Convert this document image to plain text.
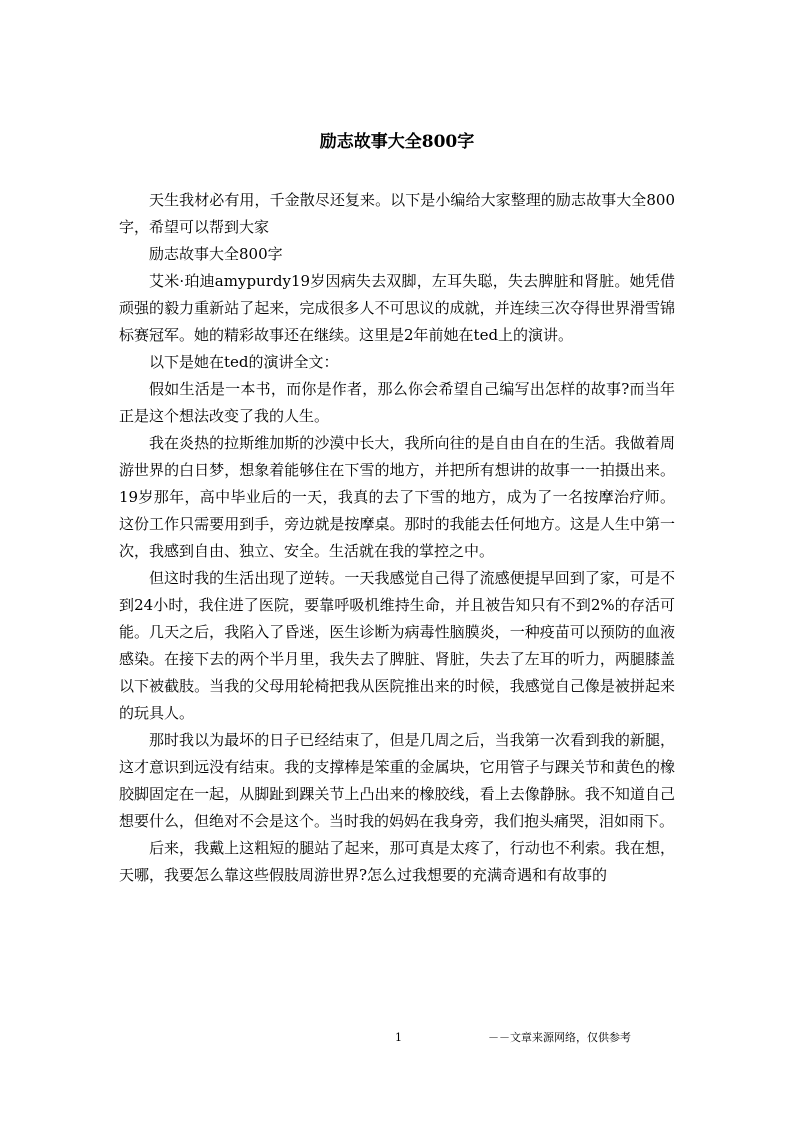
励志故事大全800字

天生我材必有用，千金散尽还复来。以下是小编给大家整理的励志故事大全800字，希望可以帮到大家

励志故事大全800字

艾米·珀迪amypurdy19岁因病失去双脚，左耳失聪，失去脾脏和肾脏。她凭借顽强的毅力重新站了起来，完成很多人不可思议的成就，并连续三次夺得世界滑雪锦标赛冠军。她的精彩故事还在继续。这里是2年前她在ted上的演讲。

以下是她在ted的演讲全文：

假如生活是一本书，而你是作者，那么你会希望自己编写出怎样的故事?而当年正是这个想法改变了我的人生。

我在炎热的拉斯维加斯的沙漠中长大，我所向往的是自由自在的生活。我做着周游世界的白日梦，想象着能够住在下雪的地方，并把所有想讲的故事一一拍摄出来。19岁那年，高中毕业后的一天，我真的去了下雪的地方，成为了一名按摩治疗师。这份工作只需要用到手，旁边就是按摩桌。那时的我能去任何地方。这是人生中第一次，我感到自由、独立、安全。生活就在我的掌控之中。

但这时我的生活出现了逆转。一天我感觉自己得了流感便提早回到了家，可是不到24小时，我住进了医院，要靠呼吸机维持生命，并且被告知只有不到2%的存活可能。几天之后，我陷入了昏迷，医生诊断为病毒性脑膜炎，一种疫苗可以预防的血液感染。在接下去的两个半月里，我失去了脾脏、肾脏，失去了左耳的听力，两腿膝盖以下被截肢。当我的父母用轮椅把我从医院推出来的时候，我感觉自己像是被拼起来的玩具人。

那时我以为最坏的日子已经结束了，但是几周之后，当我第一次看到我的新腿，这才意识到远没有结束。我的支撑棒是笨重的金属块，它用管子与踝关节和黄色的橡胶脚固定在一起，从脚趾到踝关节上凸出来的橡胶线，看上去像静脉。我不知道自己想要什么，但绝对不会是这个。当时我的妈妈在我身旁，我们抱头痛哭，泪如雨下。

后来，我戴上这粗短的腿站了起来，那可真是太疼了，行动也不利索。我在想，天哪，我要怎么靠这些假肢周游世界?怎么过我想要的充满奇遇和有故事的

1	－－文章来源网络，仅供参考
